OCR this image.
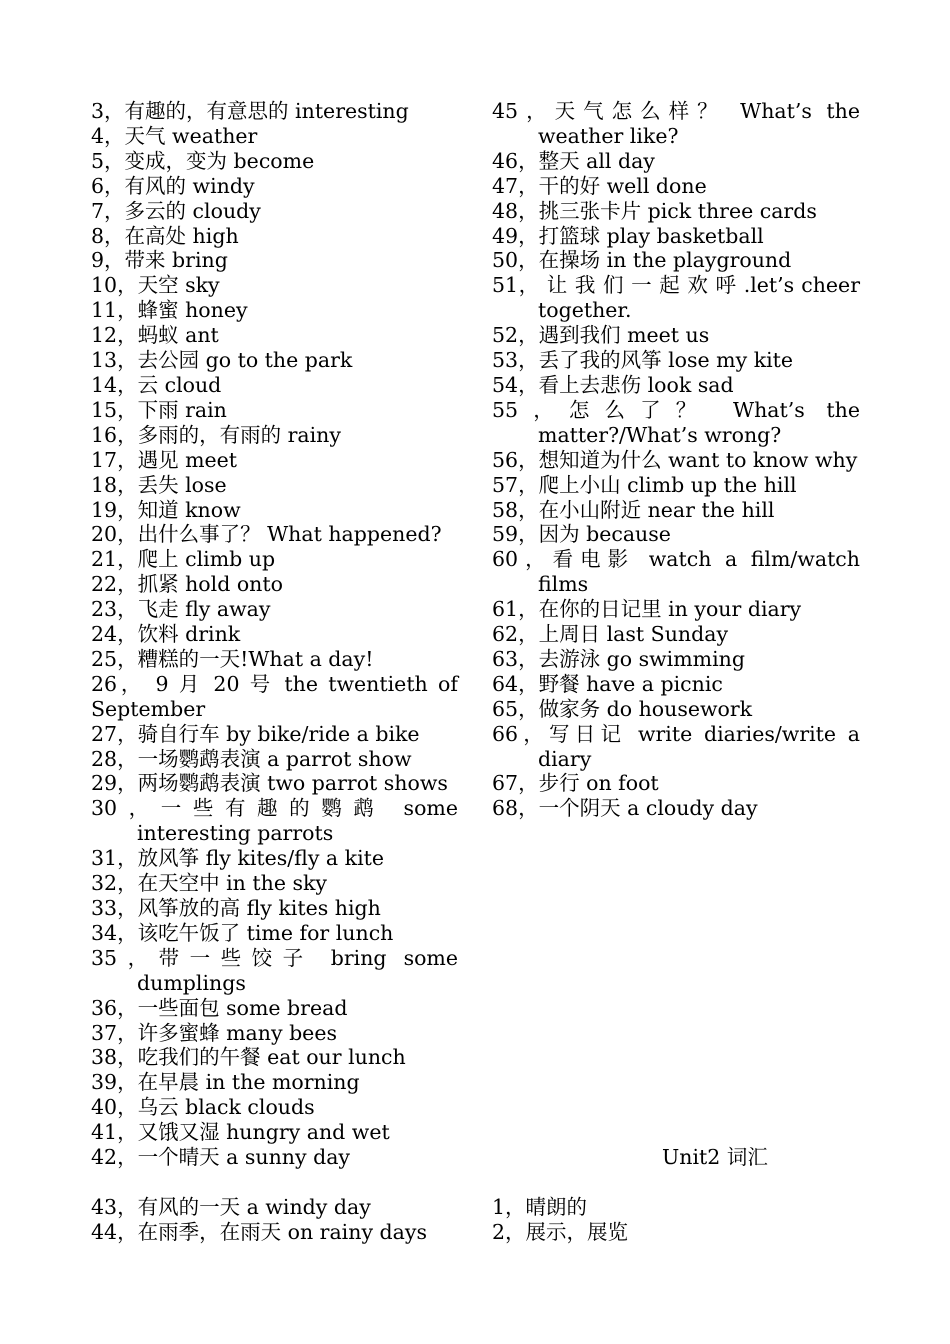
3，有趣的，有意思的 interesting
4，天气 weather
5，变成，变为 become
6，有风的 windy
7，多云的 cloudy
8，在高处 high
9，带来 bring
10，天空 sky
11，蜂蜜 honey
12，蚂蚁 ant
13，去公园 go to the park
14，云 cloud
15，下雨 rain
16，多雨的，有雨的 rainy
17，遇见 meet
18，丢失 lose
19，知道 know
20，出什么事了？ What happened?
21，爬上 climb up
22，抓紧 hold onto
23，飞走 fly away
24，饮料 drink
25，糟糕的一天!What a day!
26， 9 月 20 号 the twentieth of September
27，骑自行车 by bike/ride a bike
28，一场鹦鹉表演 a parrot show
29，两场鹦鹉表演 two parrot shows
30，一些有趣的鹦鹉 some interesting parrots
31，放风筝 fly kites/fly a kite
32，在天空中 in the sky
33，风筝放的高 fly kites high
34，该吃午饭了 time for lunch
35，带一些饺子 bring some dumplings
36，一些面包 some bread
37，许多蜜蜂 many bees
38，吃我们的午餐 eat our lunch
39，在早晨 in the morning
40，乌云 black clouds
41，又饿又湿 hungry and wet
42，一个晴天 a sunny day
45，天气怎么样？ What’s the weather like?
46，整天 all day
47，干的好 well done
48，挑三张卡片 pick three cards
49，打篮球 play basketball
50，在操场 in the playground
51， 让 我 们 一 起 欢 呼 .let’s cheer together.
52，遇到我们 meet us
53，丢了我的风筝 lose my kite
54，看上去悲伤 look sad
55，怎么了？ What’s the matter?/What’s wrong?
56，想知道为什么 want to know why
57，爬上小山 climb up the hill
58，在小山附近 near the hill
59，因为 because
60，看电影 watch a film/watch films
61，在你的日记里 in your diary
62，上周日 last Sunday
63，去游泳 go swimming
64，野餐 have a picnic
65，做家务 do housework
66，写日记 write diaries/write a diary
67，步行 on foot
68，一个阴天 a cloudy day
Unit2 词汇
43，有风的一天 a windy day
44，在雨季，在雨天 on rainy days
1，晴朗的
2，展示，展览
